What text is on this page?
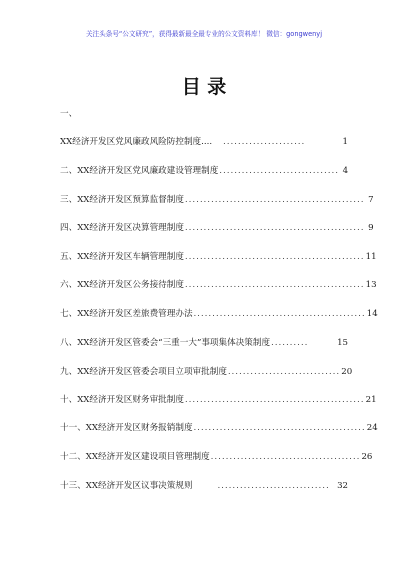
关注头条号“公文研究”，获得最新最全最专业的公文资料库！ 微信：gongwenyj
目 录
一、
XX经济开发区党风廉政风险防控制度.... ......................	1
二、XX经济开发区党风廉政建设管理制度 ................................ 4
三、XX经济开发区预算监督制度 ................................................ 7
四、XX经济开发区决算管理制度 ................................................ 9
五、XX经济开发区车辆管理制度 ................................................ 11
六、XX经济开发区公务接待制度 ................................................ 13
七、XX经济开发区差旅费管理办法 .............................................. 14
八、XX经济开发区管委会“三重一大”事项集体决策制度 ..........	15
九、XX经济开发区管委会项目立项审批制度 .............................. 20
十、XX经济开发区财务审批制度 ................................................ 21
十一、XX经济开发区财务报销制度 .............................................. 24
十二、XX经济开发区建设项目管理制度 ........................................ 26
十三、XX经济开发区议事决策规则	.............................. 32
